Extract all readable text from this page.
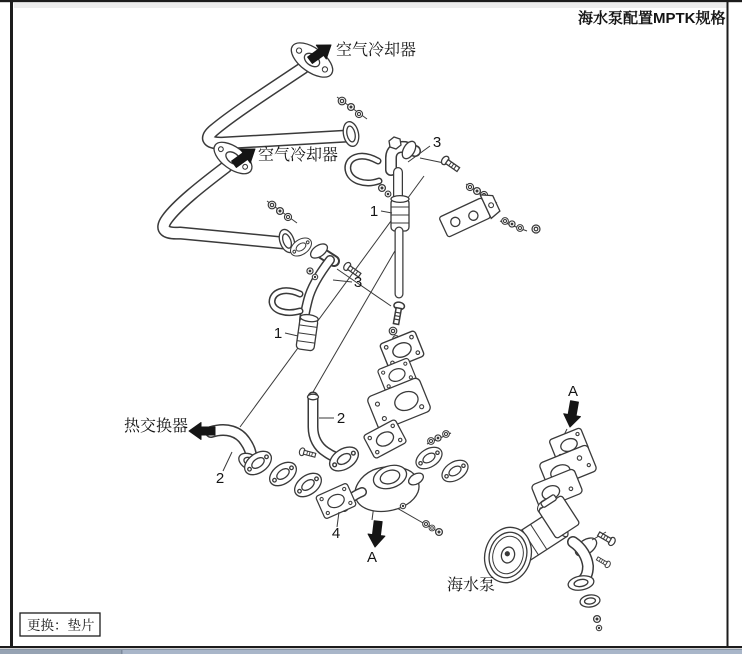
海水泵配置MPTK规格
空气冷却器
空气冷却器
热交换器
海水泵
3
1
3
1
2
2
4
A
A
更换：垫片
